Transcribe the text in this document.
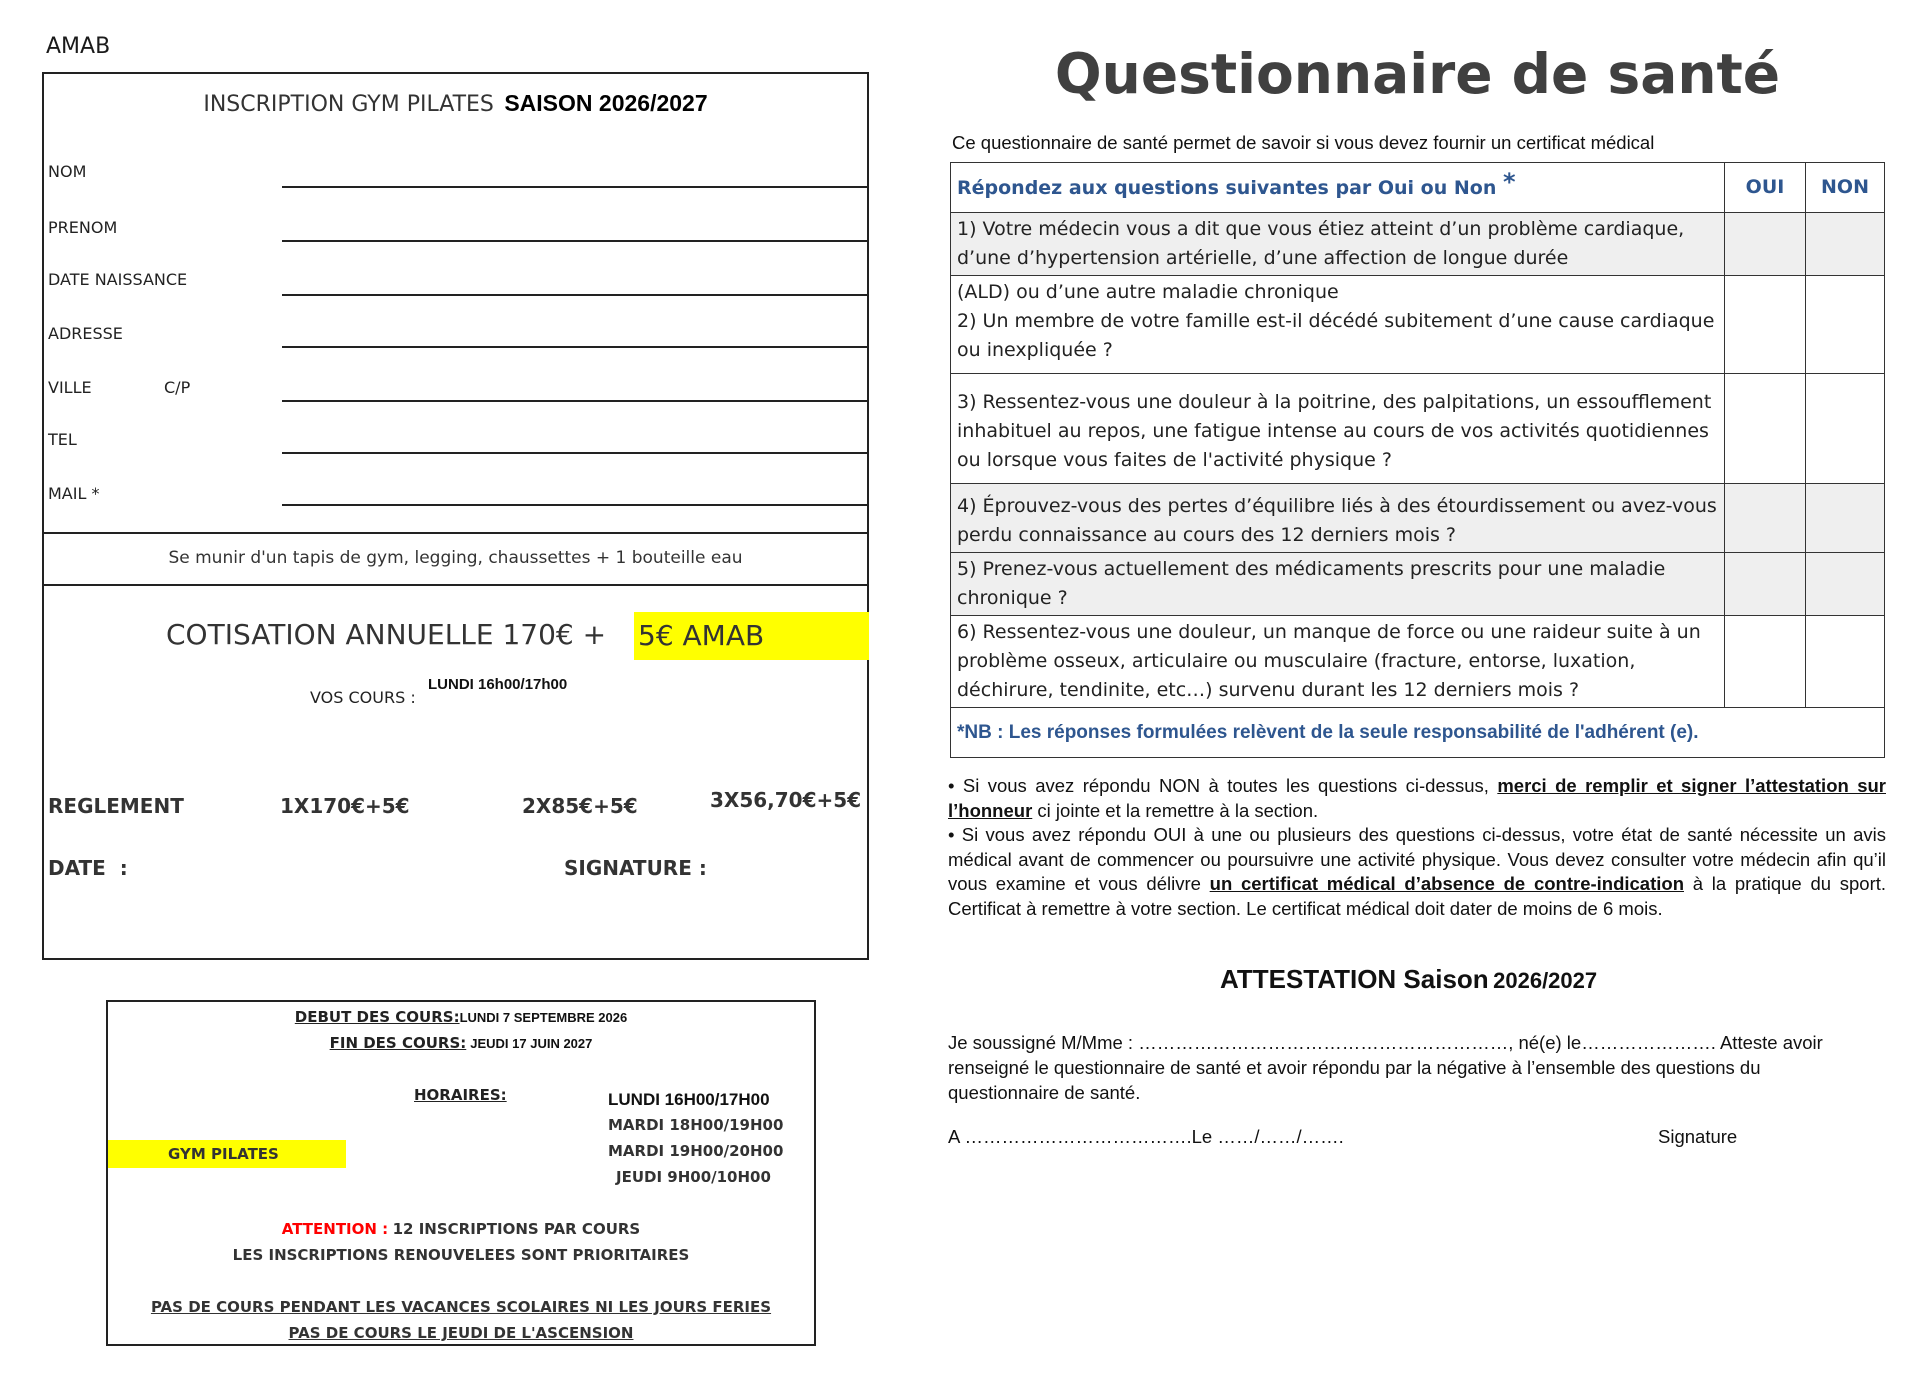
AMAB
INSCRIPTION GYM PILATES SAISON 2026/2027
NOM
PRENOM
DATE NAISSANCE
ADRESSE
VILLE	C/P
TEL
MAIL *
Se munir d'un tapis de gym, legging, chaussettes + 1 bouteille eau
COTISATION ANNUELLE 170€ + 5€ AMAB
VOS COURS :
LUNDI 16h00/17h00
REGLEMENT	1X170€+5€	2X85€+5€	3X56,70€+5€
DATE  :	SIGNATURE :
DEBUT DES COURS:LUNDI 7 SEPTEMBRE 2026
FIN DES COURS: JEUDI 17 JUIN 2027
HORAIRES:	LUNDI 16H00/17H00
MARDI 18H00/19H00
MARDI 19H00/20H00
JEUDI 9H00/10H00
GYM PILATES
ATTENTION : 12 INSCRIPTIONS PAR COURS
LES INSCRIPTIONS RENOUVELEES SONT PRIORITAIRES
PAS DE COURS PENDANT LES VACANCES SCOLAIRES NI LES JOURS FERIES
PAS DE COURS LE JEUDI DE L'ASCENSION
Questionnaire de santé
Ce questionnaire de santé permet de savoir si vous devez fournir un certificat médical
Répondez aux questions suivantes par Oui ou Non *	OUI	NON
1) Votre médecin vous a dit que vous étiez atteint d’un problème cardiaque, d’une d’hypertension artérielle, d’une affection de longue durée		

(ALD) ou d’une autre maladie chronique
2) Un membre de votre famille est-il décédé subitement d’une cause cardiaque ou inexpliquée ?		

3) Ressentez-vous une douleur à la poitrine, des palpitations, un essoufflement inhabituel au repos, une fatigue intense au cours de vos activités quotidiennes ou lorsque vous faites de l'activité physique ?		
4) Éprouvez-vous des pertes d’équilibre liés à des étourdissement ou avez-vous perdu connaissance au cours des 12 derniers mois ?		
5) Prenez-vous actuellement des médicaments prescrits pour une maladie chronique ?		
6) Ressentez-vous une douleur, un manque de force ou une raideur suite à un problème osseux, articulaire ou musculaire (fracture, entorse, luxation, déchirure, tendinite, etc…) survenu durant les 12 derniers mois ?		
*NB : Les réponses formulées relèvent de la seule responsabilité de l'adhérent (e).		
• Si vous avez répondu NON à toutes les questions ci-dessus, merci de remplir et signer l’attestation sur l’honneur ci jointe et la remettre à la section.
• Si vous avez répondu OUI à une ou plusieurs des questions ci-dessus, votre état de santé nécessite un avis médical avant de commencer ou poursuivre une activité physique. Vous devez consulter votre médecin afin qu’il vous examine et vous délivre un certificat médical d’absence de contre-indication à la pratique du sport. Certificat à remettre à votre section. Le certificat médical doit dater de moins de 6 mois.
ATTESTATION Saison 2026/2027
Je soussigné M/Mme : ……………………………………………………, né(e) le…………………. Atteste avoir renseigné le questionnaire de santé et avoir répondu par la négative à l’ensemble des questions du questionnaire de santé.
A ……………………………….Le ……/……/…….	Signature
